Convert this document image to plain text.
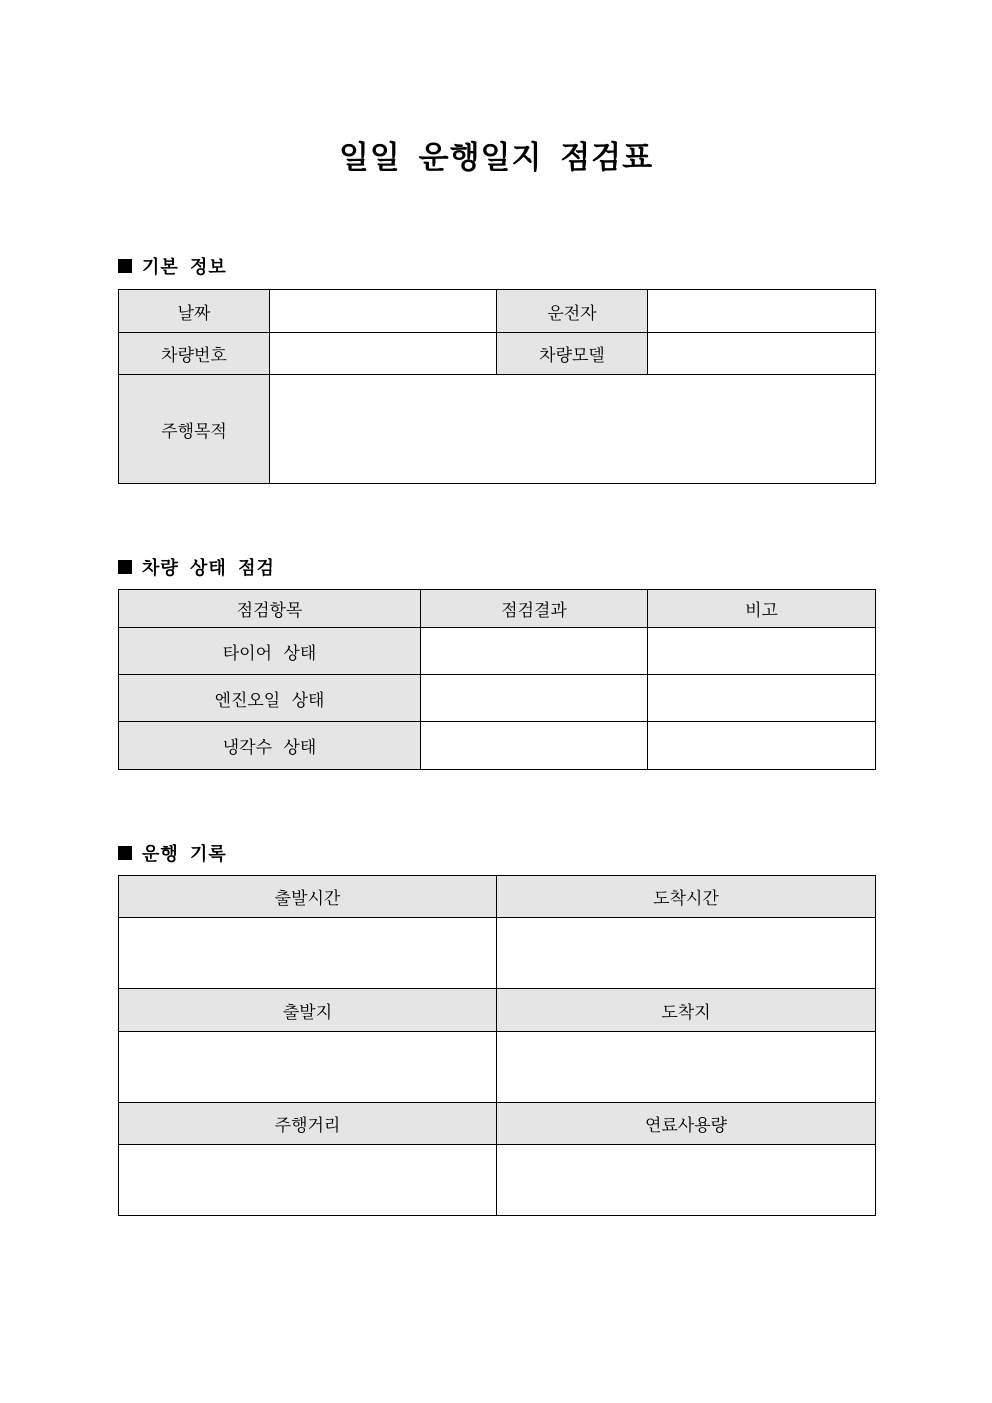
일일 운행일지 점검표
기본 정보
날짜		운전자	
차량번호		차량모델	
주행목적			
차량 상태 점검
점검항목	점검결과	비고
타이어 상태		
엔진오일 상태		
냉각수 상태		
운행 기록
출발시간	도착시간

출발지	도착지

주행거리	연료사용량
